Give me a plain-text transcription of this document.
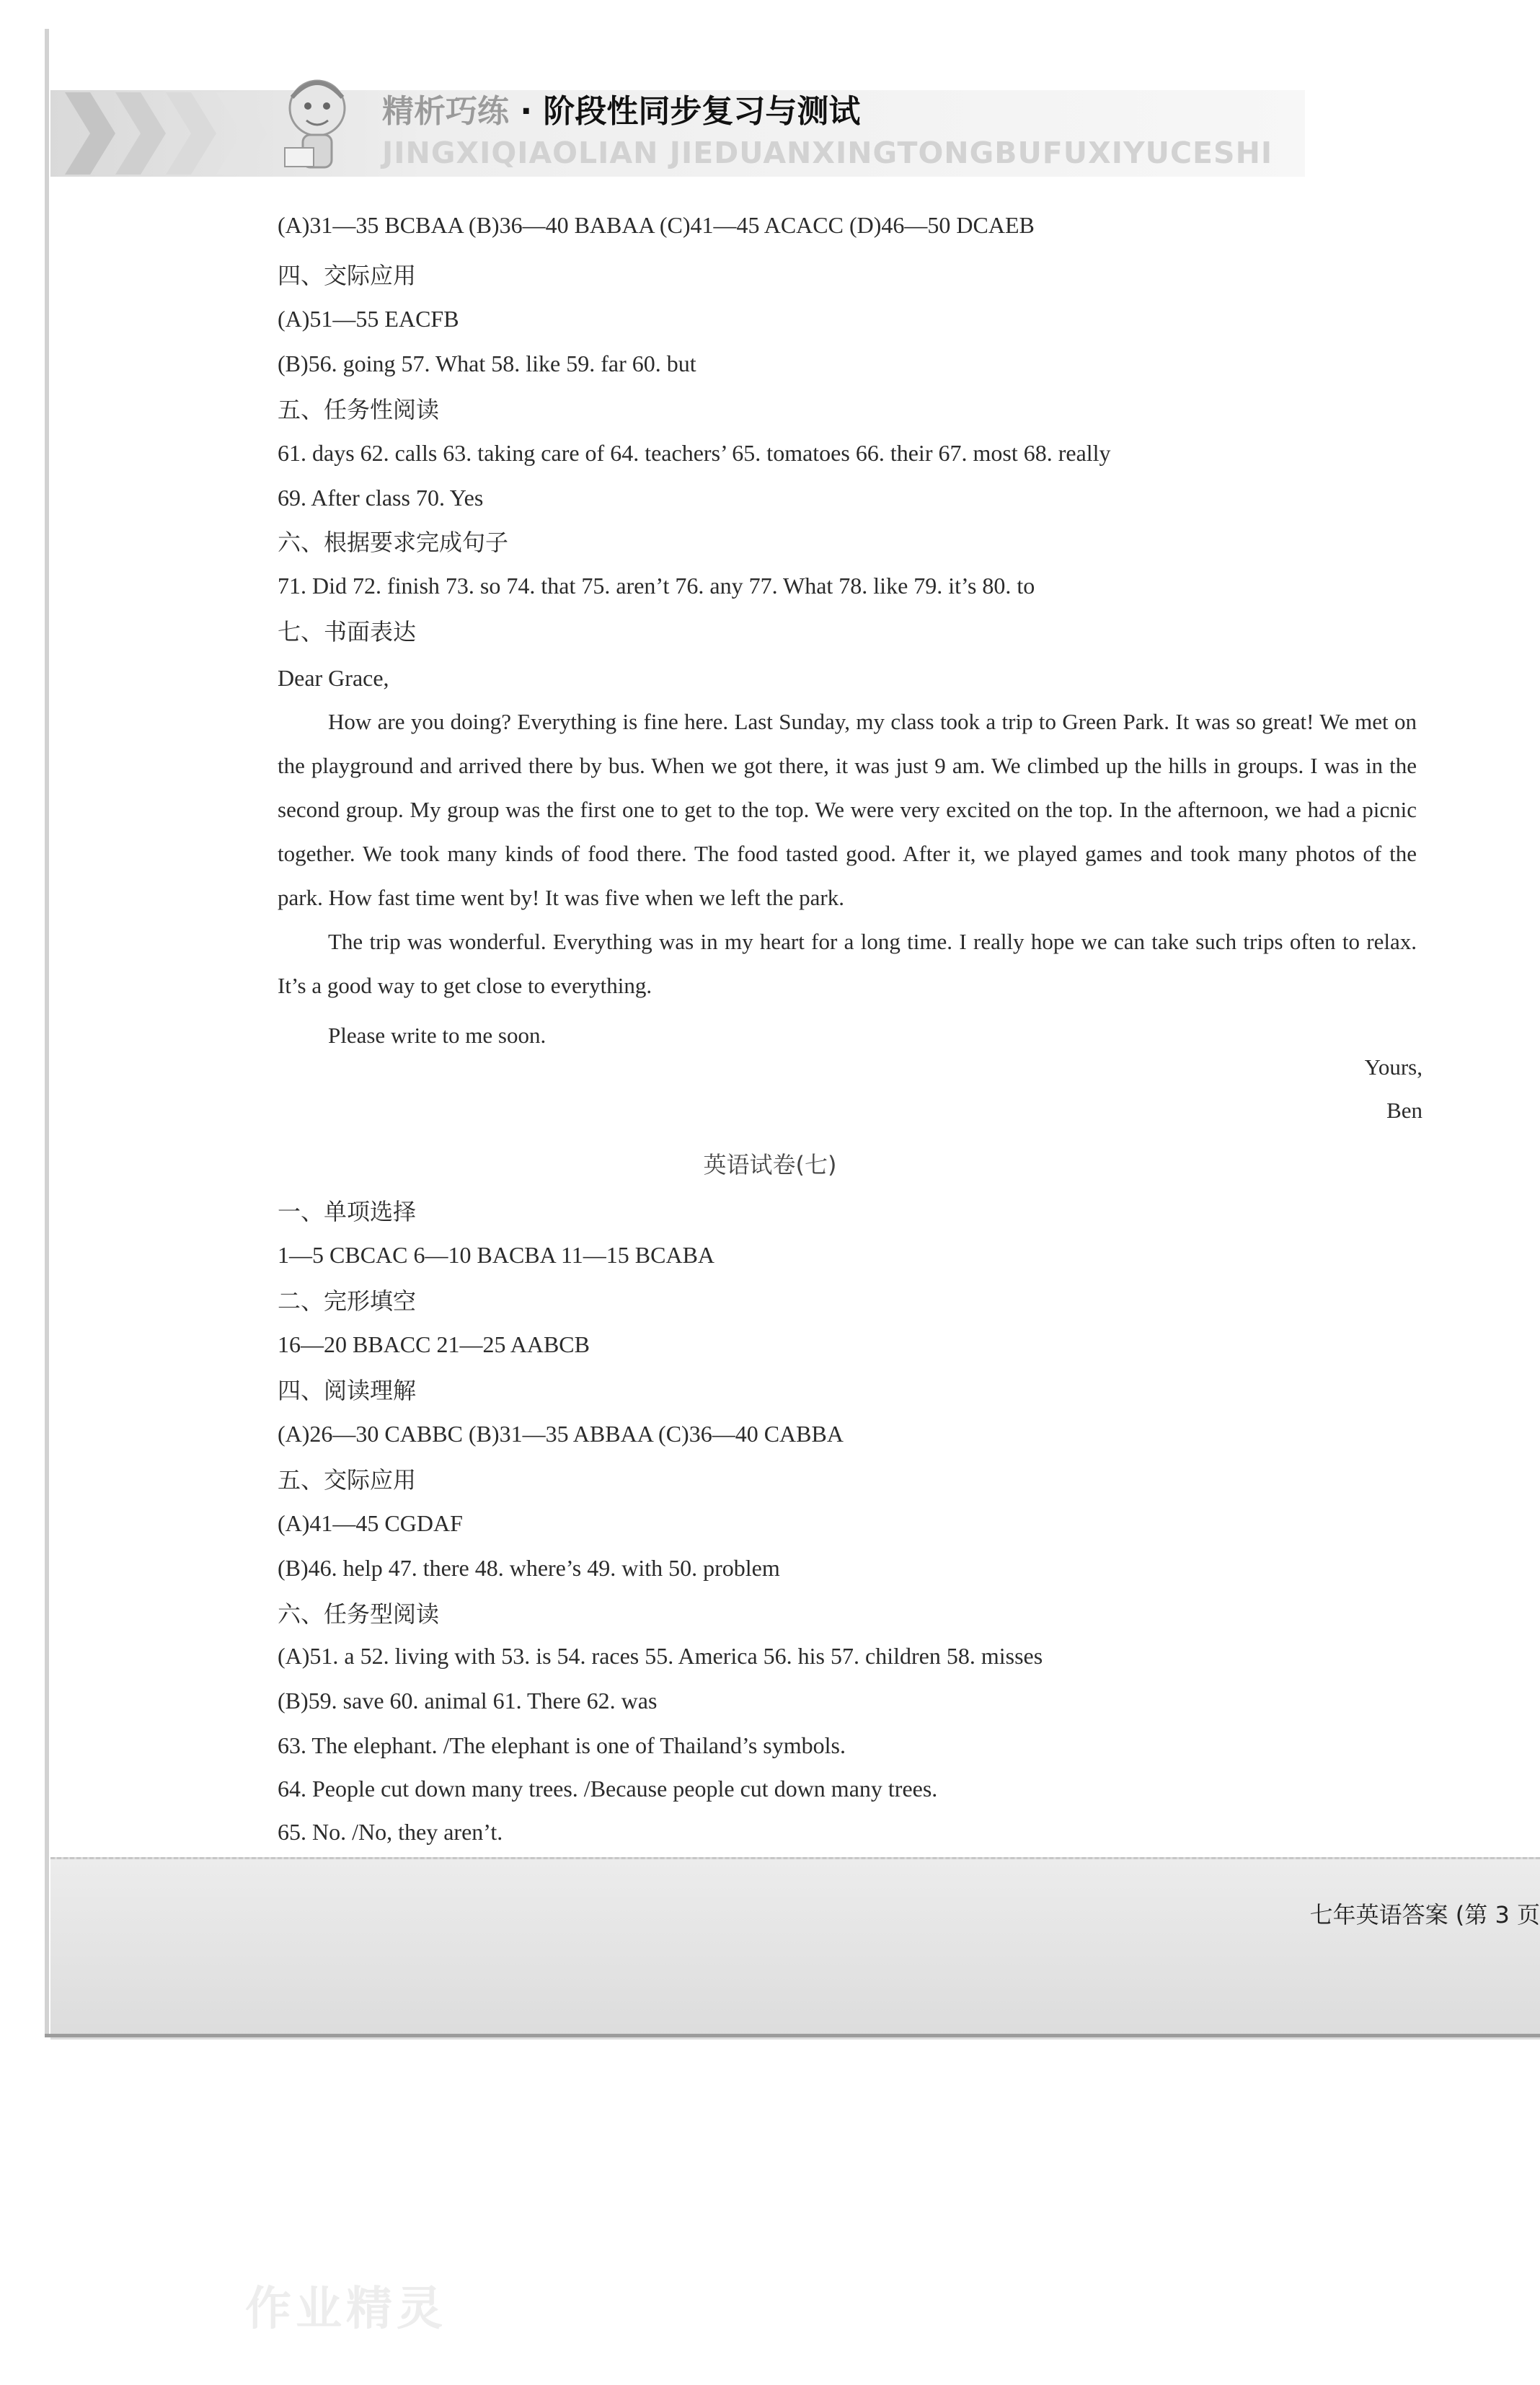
精析巧练 · 阶段性同步复习与测试
JINGXIQIAOLIAN JIEDUANXINGTONGBUFUXIYUCESHI
(A)31—35 BCBAA (B)36—40 BABAA (C)41—45 ACACC (D)46—50 DCAEB
四、交际应用
(A)51—55 EACFB
(B)56. going 57. What 58. like 59. far 60. but
五、任务性阅读
61. days 62. calls 63. taking care of 64. teachers’ 65. tomatoes 66. their 67. most 68. really
69. After class 70. Yes
六、根据要求完成句子
71. Did 72. finish 73. so 74. that 75. aren’t 76. any 77. What 78. like 79. it’s 80. to
七、书面表达
Dear Grace,
How are you doing? Everything is fine here. Last Sunday, my class took a trip to Green Park. It was so great! We met on the playground and arrived there by bus. When we got there, it was just 9 am. We climbed up the hills in groups. I was in the second group. My group was the first one to get to the top. We were very excited on the top. In the afternoon, we had a picnic together. We took many kinds of food there. The food tasted good. After it, we played games and took many photos of the park. How fast time went by! It was five when we left the park.
The trip was wonderful. Everything was in my heart for a long time. I really hope we can take such trips often to relax. It’s a good way to get close to everything.
Please write to me soon.
Yours,
Ben
英语试卷(七)
一、单项选择
1—5 CBCAC 6—10 BACBA 11—15 BCABA
二、完形填空
16—20 BBACC 21—25 AABCB
四、阅读理解
(A)26—30 CABBC (B)31—35 ABBAA (C)36—40 CABBA
五、交际应用
(A)41—45 CGDAF
(B)46. help 47. there 48. where’s 49. with 50. problem
六、任务型阅读
(A)51. a 52. living with 53. is 54. races 55. America 56. his 57. children 58. misses
(B)59. save 60. animal 61. There 62. was
63. The elephant. /The elephant is one of Thailand’s symbols.
64. People cut down many trees. /Because people cut down many trees.
65. No. /No, they aren’t.
七年英语答案 (第 3 页
作业精灵
